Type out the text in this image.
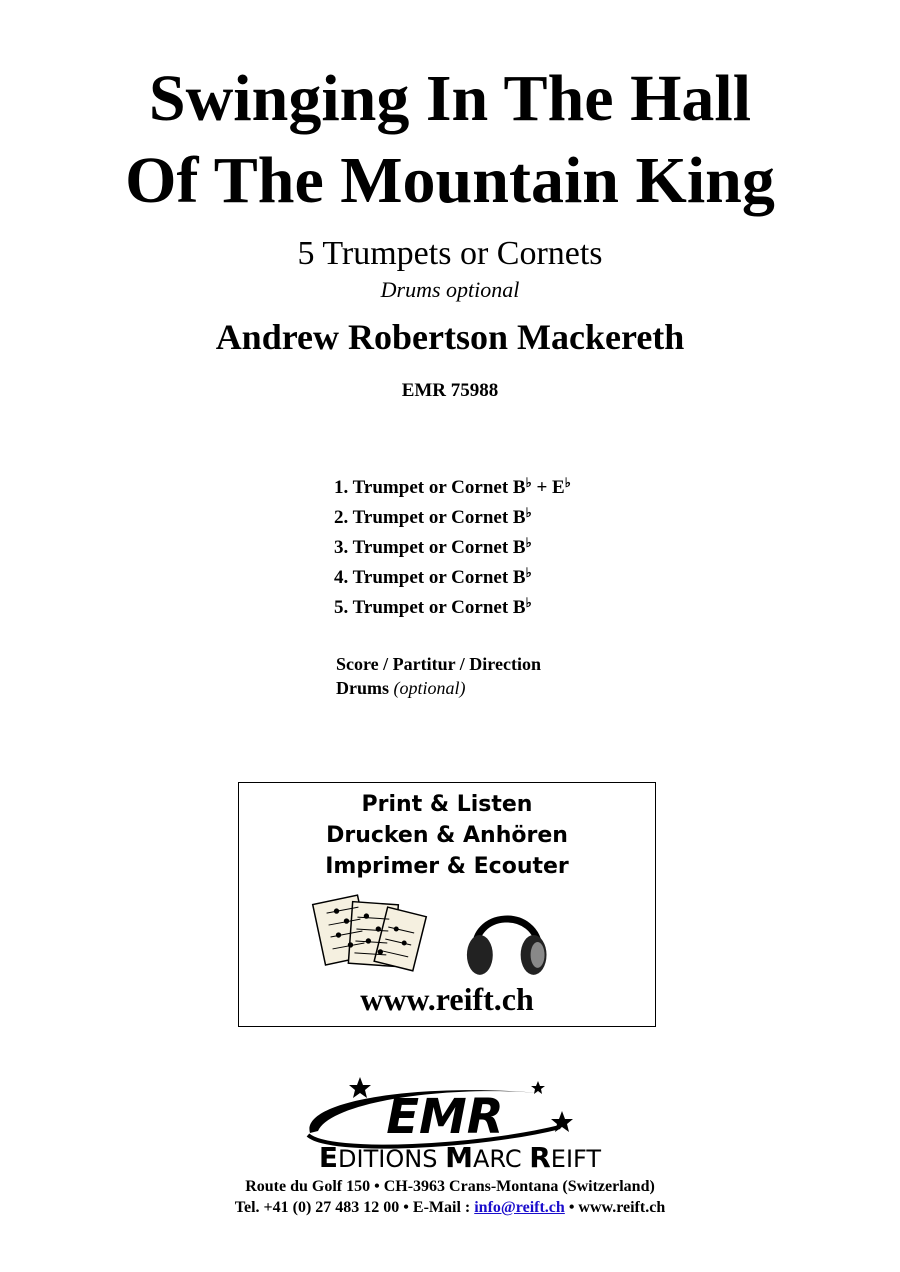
Swinging In The Hall
Of The Mountain King
5 Trumpets or Cornets
Drums optional
Andrew Robertson Mackereth
EMR 75988
1. Trumpet or Cornet B♭ + E♭
2. Trumpet or Cornet B♭
3. Trumpet or Cornet B♭
4. Trumpet or Cornet B♭
5. Trumpet or Cornet B♭
Score / Partitur / Direction
Drums (optional)
Print & Listen
Drucken & Anhören
Imprimer & Ecouter
www.reift.ch
EMR
EDITIONS MARC REIFT
Route du Golf 150 • CH-3963 Crans-Montana (Switzerland)
Tel. +41 (0) 27 483 12 00 • E-Mail : info@reift.ch • www.reift.ch
